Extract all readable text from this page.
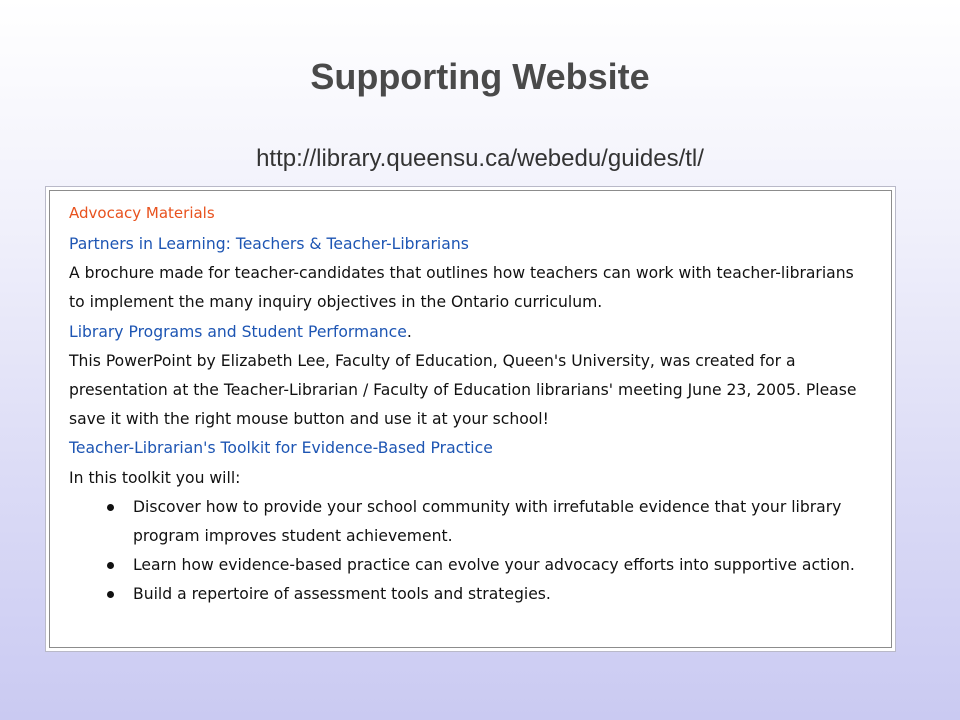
Supporting Website
http://library.queensu.ca/webedu/guides/tl/
Advocacy Materials
Partners in Learning: Teachers & Teacher-Librarians

A brochure made for teacher-candidates that outlines how teachers can work with teacher-librarians to implement the many inquiry objectives in the Ontario curriculum.

Library Programs and Student Performance.

This PowerPoint by Elizabeth Lee, Faculty of Education, Queen's University, was created for a presentation at the Teacher-Librarian / Faculty of Education librarians' meeting June 23, 2005. Please save it with the right mouse button and use it at your school!

Teacher-Librarian's Toolkit for Evidence-Based Practice

In this toolkit you will:

Discover how to provide your school community with irrefutable evidence that your library program improves student achievement.
Learn how evidence-based practice can evolve your advocacy efforts into supportive action.
Build a repertoire of assessment tools and strategies.
